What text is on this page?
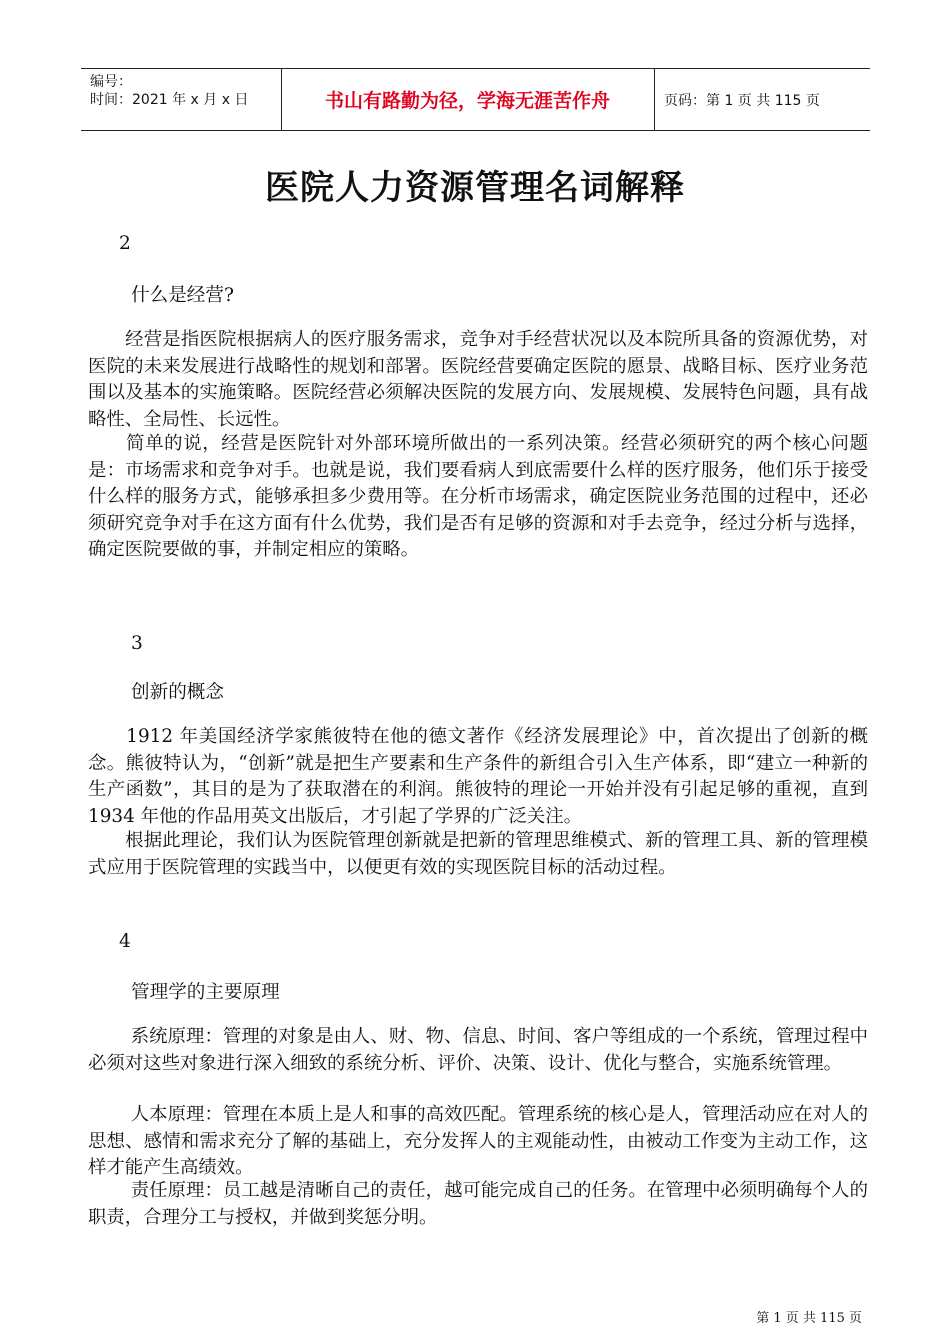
编号：
时间：2021 年 x 月 x 日	书山有路勤为径，学海无涯苦作舟	页码：第 1 页 共 115 页
医院人力资源管理名词解释
2
什么是经营?
　　经营是指医院根据病人的医疗服务需求，竞争对手经营状况以及本院所具备的资源优势，对医院的未来发展进行战略性的规划和部署。医院经营要确定医院的愿景、战略目标、医疗业务范围以及基本的实施策略。医院经营必须解决医院的发展方向、发展规模、发展特色问题，具有战略性、全局性、长远性。
　　简单的说，经营是医院针对外部环境所做出的一系列决策。经营必须研究的两个核心问题是：市场需求和竞争对手。也就是说，我们要看病人到底需要什么样的医疗服务，他们乐于接受什么样的服务方式，能够承担多少费用等。在分析市场需求，确定医院业务范围的过程中，还必须研究竞争对手在这方面有什么优势，我们是否有足够的资源和对手去竞争，经过分析与选择，确定医院要做的事，并制定相应的策略。
3
创新的概念
　　1912 年美国经济学家熊彼特在他的德文著作《经济发展理论》中，首次提出了创新的概念。熊彼特认为，“创新”就是把生产要素和生产条件的新组合引入生产体系，即“建立一种新的生产函数”，其目的是为了获取潜在的利润。熊彼特的理论一开始并没有引起足够的重视，直到 1934 年他的作品用英文出版后，才引起了学界的广泛关注。
　　根据此理论，我们认为医院管理创新就是把新的管理思维模式、新的管理工具、新的管理模式应用于医院管理的实践当中，以便更有效的实现医院目标的活动过程。
4
管理学的主要原理
　　 系统原理：管理的对象是由人、财、物、信息、时间、客户等组成的一个系统，管理过程中必须对这些对象进行深入细致的系统分析、评价、决策、设计、优化与整合，实施系统管理。
　　 人本原理：管理在本质上是人和事的高效匹配。管理系统的核心是人，管理活动应在对人的思想、感情和需求充分了解的基础上，充分发挥人的主观能动性，由被动工作变为主动工作，这样才能产生高绩效。
　　 责任原理：员工越是清晰自己的责任，越可能完成自己的任务。在管理中必须明确每个人的职责，合理分工与授权，并做到奖惩分明。
第 1 页 共 115 页
